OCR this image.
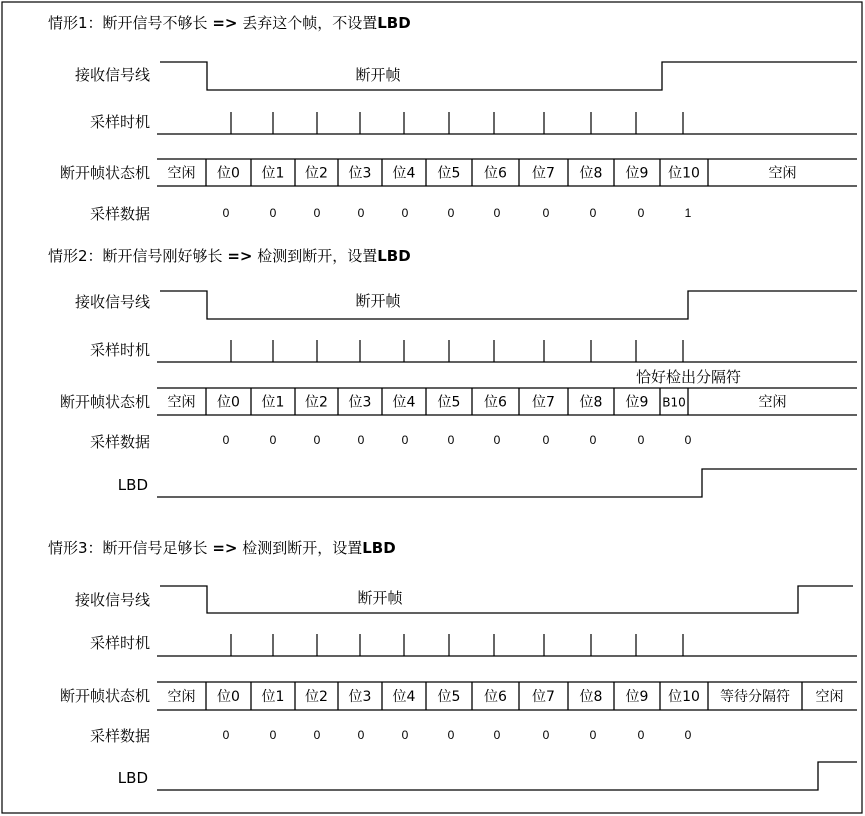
情形1：断开信号不够长 => 丢弃这个帧，不设置LBD
接收信号线	断开帧
采样时机
断开帧状态机 空闲 位0 位1 位2 位3 位4 位5 位6 位7 位8 位9 位10	空闲
采样数据	0	0	0	0	0	0	0	0	0	0	1
情形2：断开信号刚好够长 => 检测到断开，设置LBD
接收信号线	断开帧
采样时机
恰好检出分隔符
断开帧状态机 空闲 位0 位1 位2 位3 位4 位5 位6 位7 位8 位9 B10	空闲
采样数据	0	0	0	0	0	0	0	0	0	0	0
LBD
情形3：断开信号足够长 => 检测到断开，设置LBD
接收信号线	断开帧
采样时机
断开帧状态机 空闲 位0 位1 位2 位3 位4 位5 位6 位7 位8 位9 位10 等待分隔符 空闲
采样数据	0	0	0	0	0	0	0	0	0	0	0
LBD
